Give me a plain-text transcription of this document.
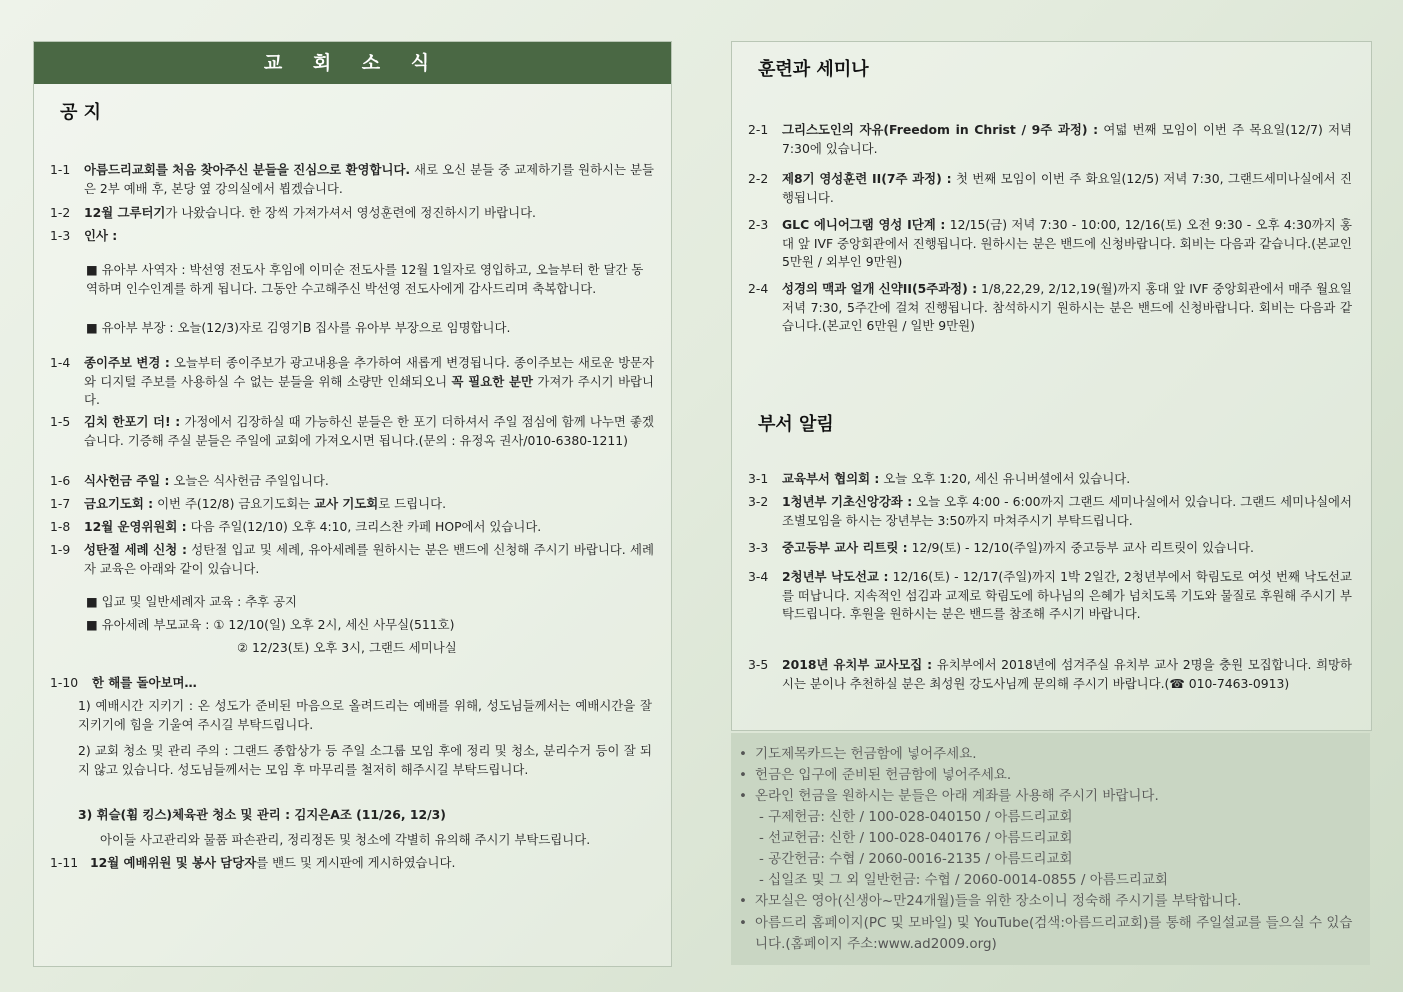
교 회 소 식
공 지
1-1 아름드리교회를 처음 찾아주신 분들을 진심으로 환영합니다. 새로 오신 분들 중 교제하기를 원하시는 분들은 2부 예배 후, 본당 옆 강의실에서 뵙겠습니다.
1-2 12월 그루터기가 나왔습니다. 한 장씩 가져가셔서 영성훈련에 정진하시기 바랍니다.
1-3 인사 :
■ 유아부 사역자 : 박선영 전도사 후임에 이미순 전도사를 12월 1일자로 영입하고, 오늘부터 한 달간 동역하며 인수인계를 하게 됩니다. 그동안 수고해주신 박선영 전도사에게 감사드리며 축복합니다.
■ 유아부 부장 : 오늘(12/3)자로 김영기B 집사를 유아부 부장으로 임명합니다.
1-4 종이주보 변경 : 오늘부터 종이주보가 광고내용을 추가하여 새롭게 변경됩니다. 종이주보는 새로운 방문자와 디지털 주보를 사용하실 수 없는 분들을 위해 소량만 인쇄되오니 꼭 필요한 분만 가져가 주시기 바랍니다.
1-5 김치 한포기 더! : 가정에서 김장하실 때 가능하신 분들은 한 포기 더하셔서 주일 점심에 함께 나누면 좋겠습니다. 기증해 주실 분들은 주일에 교회에 가져오시면 됩니다.(문의 : 유정옥 권사/010-6380-1211)
1-6 식사헌금 주일 : 오늘은 식사헌금 주일입니다.
1-7 금요기도회 : 이번 주(12/8) 금요기도회는 교사 기도회로 드립니다.
1-8 12월 운영위원회 : 다음 주일(12/10) 오후 4:10, 크리스찬 카페 HOP에서 있습니다.
1-9 성탄절 세례 신청 : 성탄절 입교 및 세례, 유아세례를 원하시는 분은 밴드에 신청해 주시기 바랍니다. 세례자 교육은 아래와 같이 있습니다.
■ 입교 및 일반세례자 교육 : 추후 공지
■ 유아세례 부모교육 : ① 12/10(일) 오후 2시, 세신 사무실(511호)
② 12/23(토) 오후 3시, 그랜드 세미나실
1-10 한 해를 돌아보며…
1) 예배시간 지키기 : 온 성도가 준비된 마음으로 올려드리는 예배를 위해, 성도님들께서는 예배시간을 잘 지키기에 힘을 기울여 주시길 부탁드립니다.
2) 교회 청소 및 관리 주의 : 그랜드 종합상가 등 주일 소그룹 모임 후에 정리 및 청소, 분리수거 등이 잘 되지 않고 있습니다. 성도님들께서는 모임 후 마무리를 철저히 해주시길 부탁드립니다.
3) 휘슬(휨 킹스)체육관 청소 및 관리 : 김지은A조 (11/26, 12/3)
아이들 사고관리와 물품 파손관리, 정리정돈 및 청소에 각별히 유의해 주시기 부탁드립니다.
1-11 12월 예배위원 및 봉사 담당자를 밴드 및 게시판에 게시하였습니다.
훈련과 세미나
2-1 그리스도인의 자유(Freedom in Christ / 9주 과정) : 여덟 번째 모임이 이번 주 목요일(12/7) 저녁 7:30에 있습니다.
2-2 제8기 영성훈련 II(7주 과정) : 첫 번째 모임이 이번 주 화요일(12/5) 저녁 7:30, 그랜드세미나실에서 진행됩니다.
2-3 GLC 에니어그램 영성 I단계 : 12/15(금) 저녁 7:30 - 10:00, 12/16(토) 오전 9:30 - 오후 4:30까지 홍대 앞 IVF 중앙회관에서 진행됩니다. 원하시는 분은 밴드에 신청바랍니다. 회비는 다음과 같습니다.(본교인 5만원 / 외부인 9만원)
2-4 성경의 맥과 얼개 신약II(5주과정) : 1/8,22,29, 2/12,19(월)까지 홍대 앞 IVF 중앙회관에서 매주 월요일 저녁 7:30, 5주간에 걸쳐 진행됩니다. 참석하시기 원하시는 분은 밴드에 신청바랍니다. 회비는 다음과 같습니다.(본교인 6만원 / 일반 9만원)
부서 알림
3-1 교육부서 협의회 : 오늘 오후 1:20, 세신 유니버셜에서 있습니다.
3-2 1청년부 기초신앙강좌 : 오늘 오후 4:00 - 6:00까지 그랜드 세미나실에서 있습니다. 그랜드 세미나실에서 조별모임을 하시는 장년부는 3:50까지 마쳐주시기 부탁드립니다.
3-3 중고등부 교사 리트릿 : 12/9(토) - 12/10(주일)까지 중고등부 교사 리트릿이 있습니다.
3-4 2청년부 낙도선교 : 12/16(토) - 12/17(주일)까지 1박 2일간, 2청년부에서 학림도로 여섯 번째 낙도선교를 떠납니다. 지속적인 섬김과 교제로 학림도에 하나님의 은혜가 넘치도록 기도와 물질로 후원해 주시기 부탁드립니다. 후원을 원하시는 분은 밴드를 참조해 주시기 바랍니다.
3-5 2018년 유치부 교사모집 : 유치부에서 2018년에 섬겨주실 유치부 교사 2명을 충원 모집합니다. 희망하시는 분이나 추천하실 분은 최성원 강도사님께 문의해 주시기 바랍니다.(☎ 010-7463-0913)
• 기도제목카드는 헌금함에 넣어주세요.
• 헌금은 입구에 준비된 헌금함에 넣어주세요.
• 온라인 헌금을 원하시는 분들은 아래 계좌를 사용해 주시기 바랍니다.
- 구제헌금: 신한 / 100-028-040150 / 아름드리교회
- 선교헌금: 신한 / 100-028-040176 / 아름드리교회
- 공간헌금: 수협 / 2060-0016-2135 / 아름드리교회
- 십일조 및 그 외 일반헌금: 수협 / 2060-0014-0855 / 아름드리교회
• 자모실은 영아(신생아~만24개월)들을 위한 장소이니 정숙해 주시기를 부탁합니다.
• 아름드리 홈페이지(PC 및 모바일) 및 YouTube(검색:아름드리교회)를 통해 주일설교를 들으실 수 있습니다.(홈페이지 주소:www.ad2009.org)
